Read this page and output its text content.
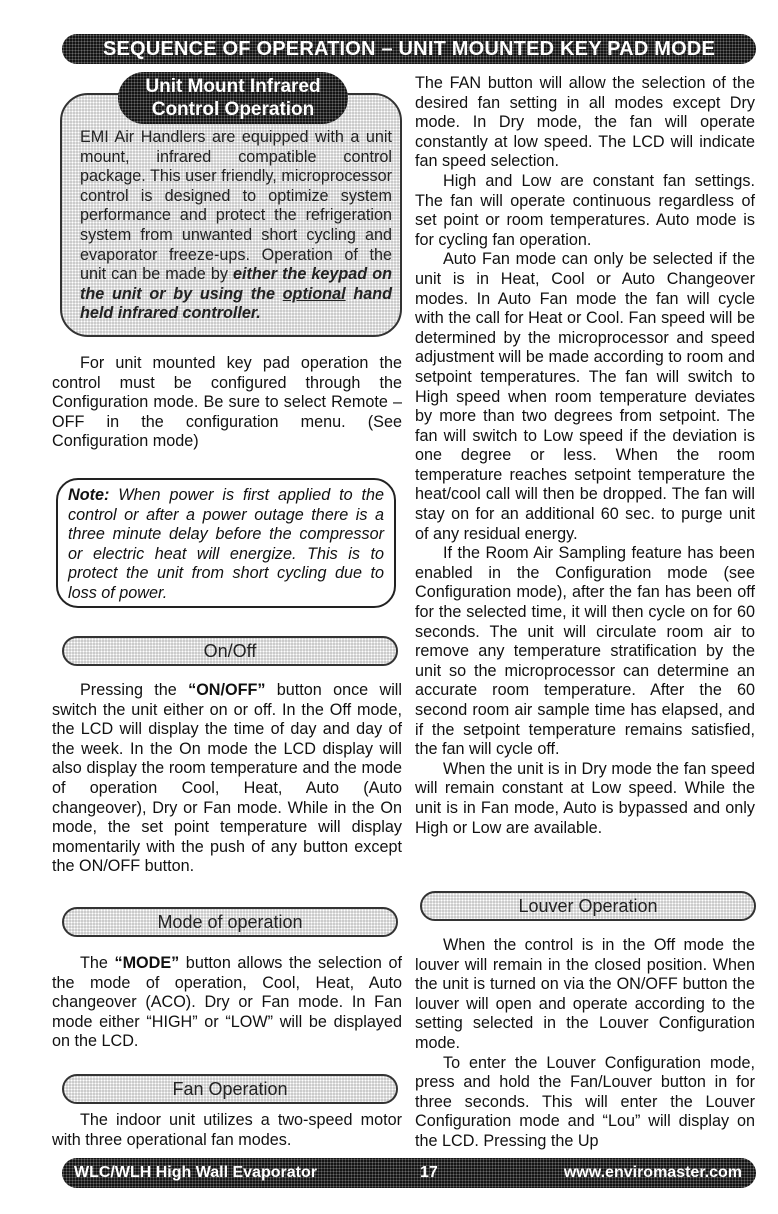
SEQUENCE OF OPERATION – UNIT MOUNTED KEY PAD MODE
Unit Mount Infrared
Control Operation
EMI Air Handlers are equipped with a unit mount, infrared compatible control package. This user friendly, microprocessor control is designed to optimize system performance and protect the refrigeration system from unwanted short cycling and evaporator freeze-ups. Operation of the unit can be made by either the keypad on the unit or by using the optional hand held infrared controller.

For unit mounted key pad operation the control must be configured through the Configuration mode. Be sure to select Remote – OFF in the configuration menu. (See Configuration mode)

Note: When power is first applied to the control or after a power outage there is a three minute delay before the compressor or electric heat will energize. This is to protect the unit from short cycling due to loss of power.
On/Off

Pressing the “ON/OFF” button once will switch the unit either on or off. In the Off mode, the LCD will display the time of day and day of the week. In the On mode the LCD display will also display the room temperature and the mode of operation Cool, Heat, Auto (Auto changeover), Dry or Fan mode. While in the On mode, the set point temperature will display momentarily with the push of any button except the ON/OFF button.

Mode of operation

The “MODE” button allows the selection of the mode of operation, Cool, Heat, Auto changeover (ACO). Dry or Fan mode. In Fan mode either “HIGH” or “LOW” will be displayed on the LCD.

Fan Operation

The indoor unit utilizes a two-speed motor with three operational fan modes.

The FAN button will allow the selection of the desired fan setting in all modes except Dry mode. In Dry mode, the fan will operate constantly at low speed. The LCD will indicate fan speed selection.

High and Low are constant fan settings. The fan will operate continuous regardless of set point or room temperatures. Auto mode is for cycling fan operation.

Auto Fan mode can only be selected if the unit is in Heat, Cool or Auto Changeover modes. In Auto Fan mode the fan will cycle with the call for Heat or Cool. Fan speed will be determined by the microprocessor and speed adjustment will be made according to room and setpoint temperatures. The fan will switch to High speed when room temperature deviates by more than two degrees from setpoint. The fan will switch to Low speed if the deviation is one degree or less. When the room temperature reaches setpoint temperature the heat/cool call will then be dropped. The fan will stay on for an additional 60 sec. to purge unit of any residual energy.

If the Room Air Sampling feature has been enabled in the Configuration mode (see Configuration mode), after the fan has been off for the selected time, it will then cycle on for 60 seconds. The unit will circulate room air to remove any temperature stratification by the unit so the microprocessor can determine an accurate room temperature. After the 60 second room air sample time has elapsed, and if the setpoint temperature remains satisfied, the fan will cycle off.

When the unit is in Dry mode the fan speed will remain constant at Low speed. While the unit is in Fan mode, Auto is bypassed and only High or Low are available.

Louver Operation

When the control is in the Off mode the louver will remain in the closed position. When the unit is turned on via the ON/OFF button the louver will open and operate according to the setting selected in the Louver Configuration mode.

To enter the Louver Configuration mode, press and hold the Fan/Louver button in for three seconds. This will enter the Louver Configuration mode and “Lou” will display on the LCD. Pressing the Up

WLC/WLH High Wall Evaporator	17	www.enviromaster.com
